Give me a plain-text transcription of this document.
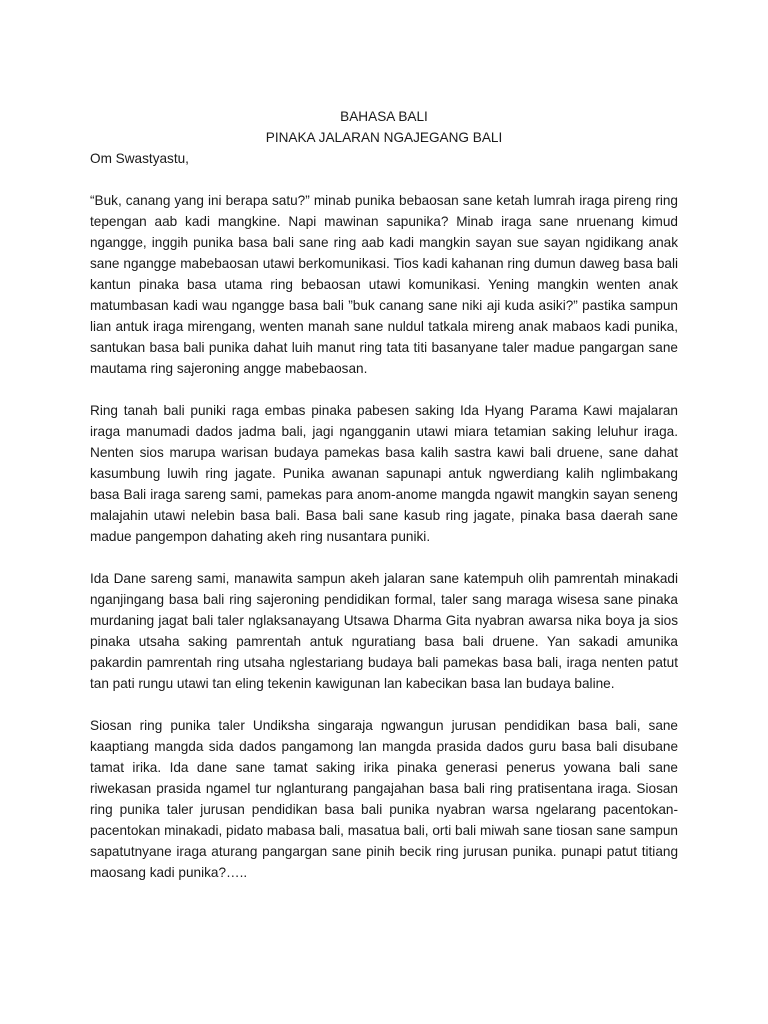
BAHASA BALI

PINAKA JALARAN NGAJEGANG BALI

Om Swastyastu,

“Buk, canang yang ini berapa satu?” minab punika bebaosan sane ketah lumrah iraga pireng ring tepengan aab kadi mangkine. Napi mawinan sapunika? Minab iraga sane nruenang kimud ngangge, inggih punika basa bali sane ring aab kadi mangkin sayan sue sayan ngidikang anak sane ngangge mabebaosan utawi berkomunikasi. Tios kadi kahanan ring dumun daweg basa bali kantun pinaka basa utama ring bebaosan utawi komunikasi. Yening mangkin wenten anak matumbasan kadi wau ngangge basa bali ”buk canang sane niki aji kuda asiki?” pastika sampun lian antuk iraga mirengang, wenten manah sane nuldul tatkala mireng anak mabaos kadi punika, santukan basa bali punika dahat luih manut ring tata titi basanyane taler madue pangargan sane mautama ring sajeroning angge mabebaosan.

Ring tanah bali puniki raga embas pinaka pabesen saking Ida Hyang Parama Kawi majalaran iraga manumadi dados jadma bali, jagi ngangganin utawi miara tetamian saking leluhur iraga. Nenten sios marupa warisan budaya pamekas basa kalih sastra kawi bali druene, sane dahat kasumbung luwih ring jagate. Punika awanan sapunapi antuk ngwerdiang kalih nglimbakang basa Bali iraga sareng sami, pamekas para anom-anome mangda ngawit mangkin sayan seneng malajahin utawi nelebin basa bali. Basa bali sane kasub ring jagate, pinaka basa daerah sane madue pangempon dahating akeh ring nusantara puniki.

Ida Dane sareng sami, manawita sampun akeh jalaran sane katempuh olih pamrentah minakadi nganjingang basa bali ring sajeroning pendidikan formal, taler sang maraga wisesa sane pinaka murdaning jagat bali taler nglaksanayang Utsawa Dharma Gita nyabran awarsa nika boya ja sios pinaka utsaha saking pamrentah antuk nguratiang basa bali druene. Yan sakadi amunika pakardin pamrentah ring utsaha nglestariang budaya bali pamekas basa bali, iraga nenten patut tan pati rungu utawi tan eling tekenin kawigunan lan kabecikan basa lan budaya baline.

Siosan ring punika taler Undiksha singaraja ngwangun jurusan pendidikan basa bali, sane kaaptiang mangda sida dados pangamong lan mangda prasida dados guru basa bali disubane tamat irika. Ida dane sane tamat saking irika pinaka generasi penerus yowana bali sane riwekasan prasida ngamel tur nglanturang pangajahan basa bali ring pratisentana iraga. Siosan ring punika taler jurusan pendidikan basa bali punika nyabran warsa ngelarang pacentokan-pacentokan minakadi, pidato mabasa bali, masatua bali, orti bali miwah sane tiosan sane sampun sapatutnyane iraga aturang pangargan sane pinih becik ring jurusan punika. punapi patut titiang maosang kadi punika?…..
